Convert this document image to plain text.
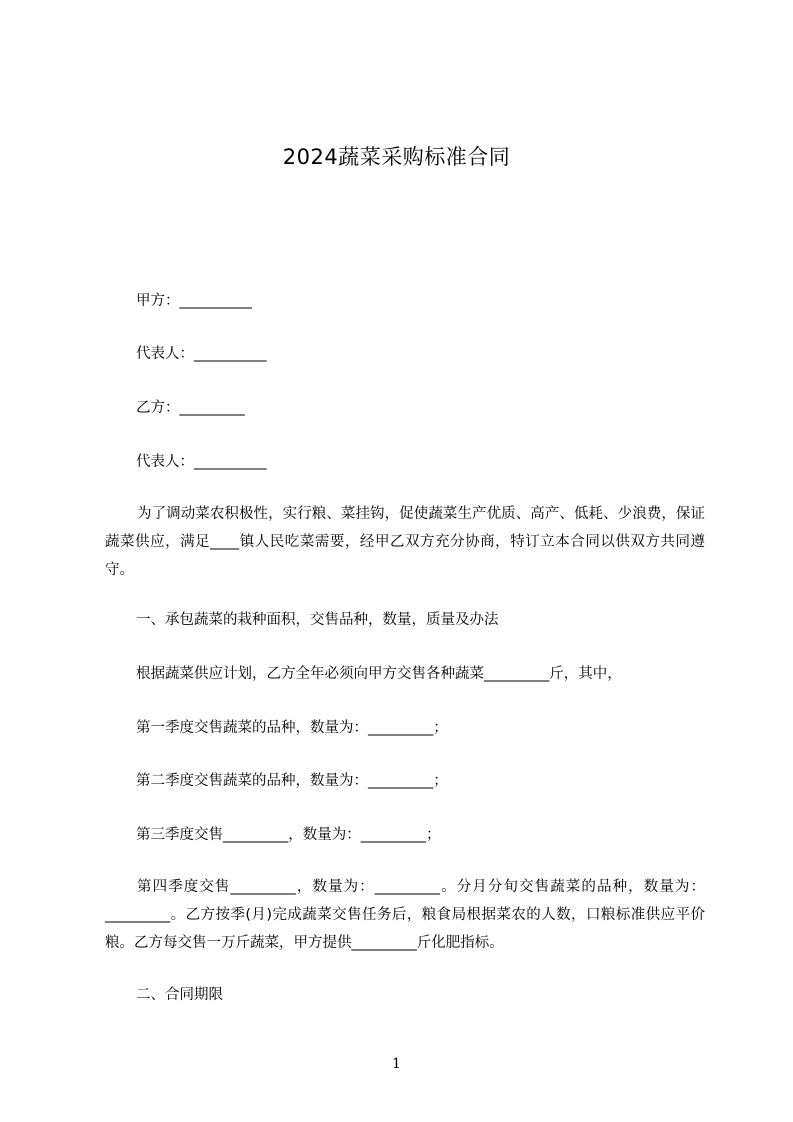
2024蔬菜采购标准合同
甲方：__________
代表人：__________
乙方：_________
代表人：__________
为了调动菜农积极性，实行粮、菜挂钩，促使蔬菜生产优质、高产、低耗、少浪费，保证蔬菜供应，满足____镇人民吃菜需要，经甲乙双方充分协商，特订立本合同以供双方共同遵守。
一、承包蔬菜的栽种面积，交售品种，数量，质量及办法
根据蔬菜供应计划，乙方全年必须向甲方交售各种蔬菜_________斤，其中，
第一季度交售蔬菜的品种，数量为：_________；
第二季度交售蔬菜的品种，数量为：_________；
第三季度交售_________，数量为：_________；
第四季度交售_________，数量为：_________。分月分旬交售蔬菜的品种，数量为：_________。乙方按季(月)完成蔬菜交售任务后，粮食局根据菜农的人数，口粮标准供应平价粮。乙方每交售一万斤蔬菜，甲方提供_________斤化肥指标。
二、合同期限
1
